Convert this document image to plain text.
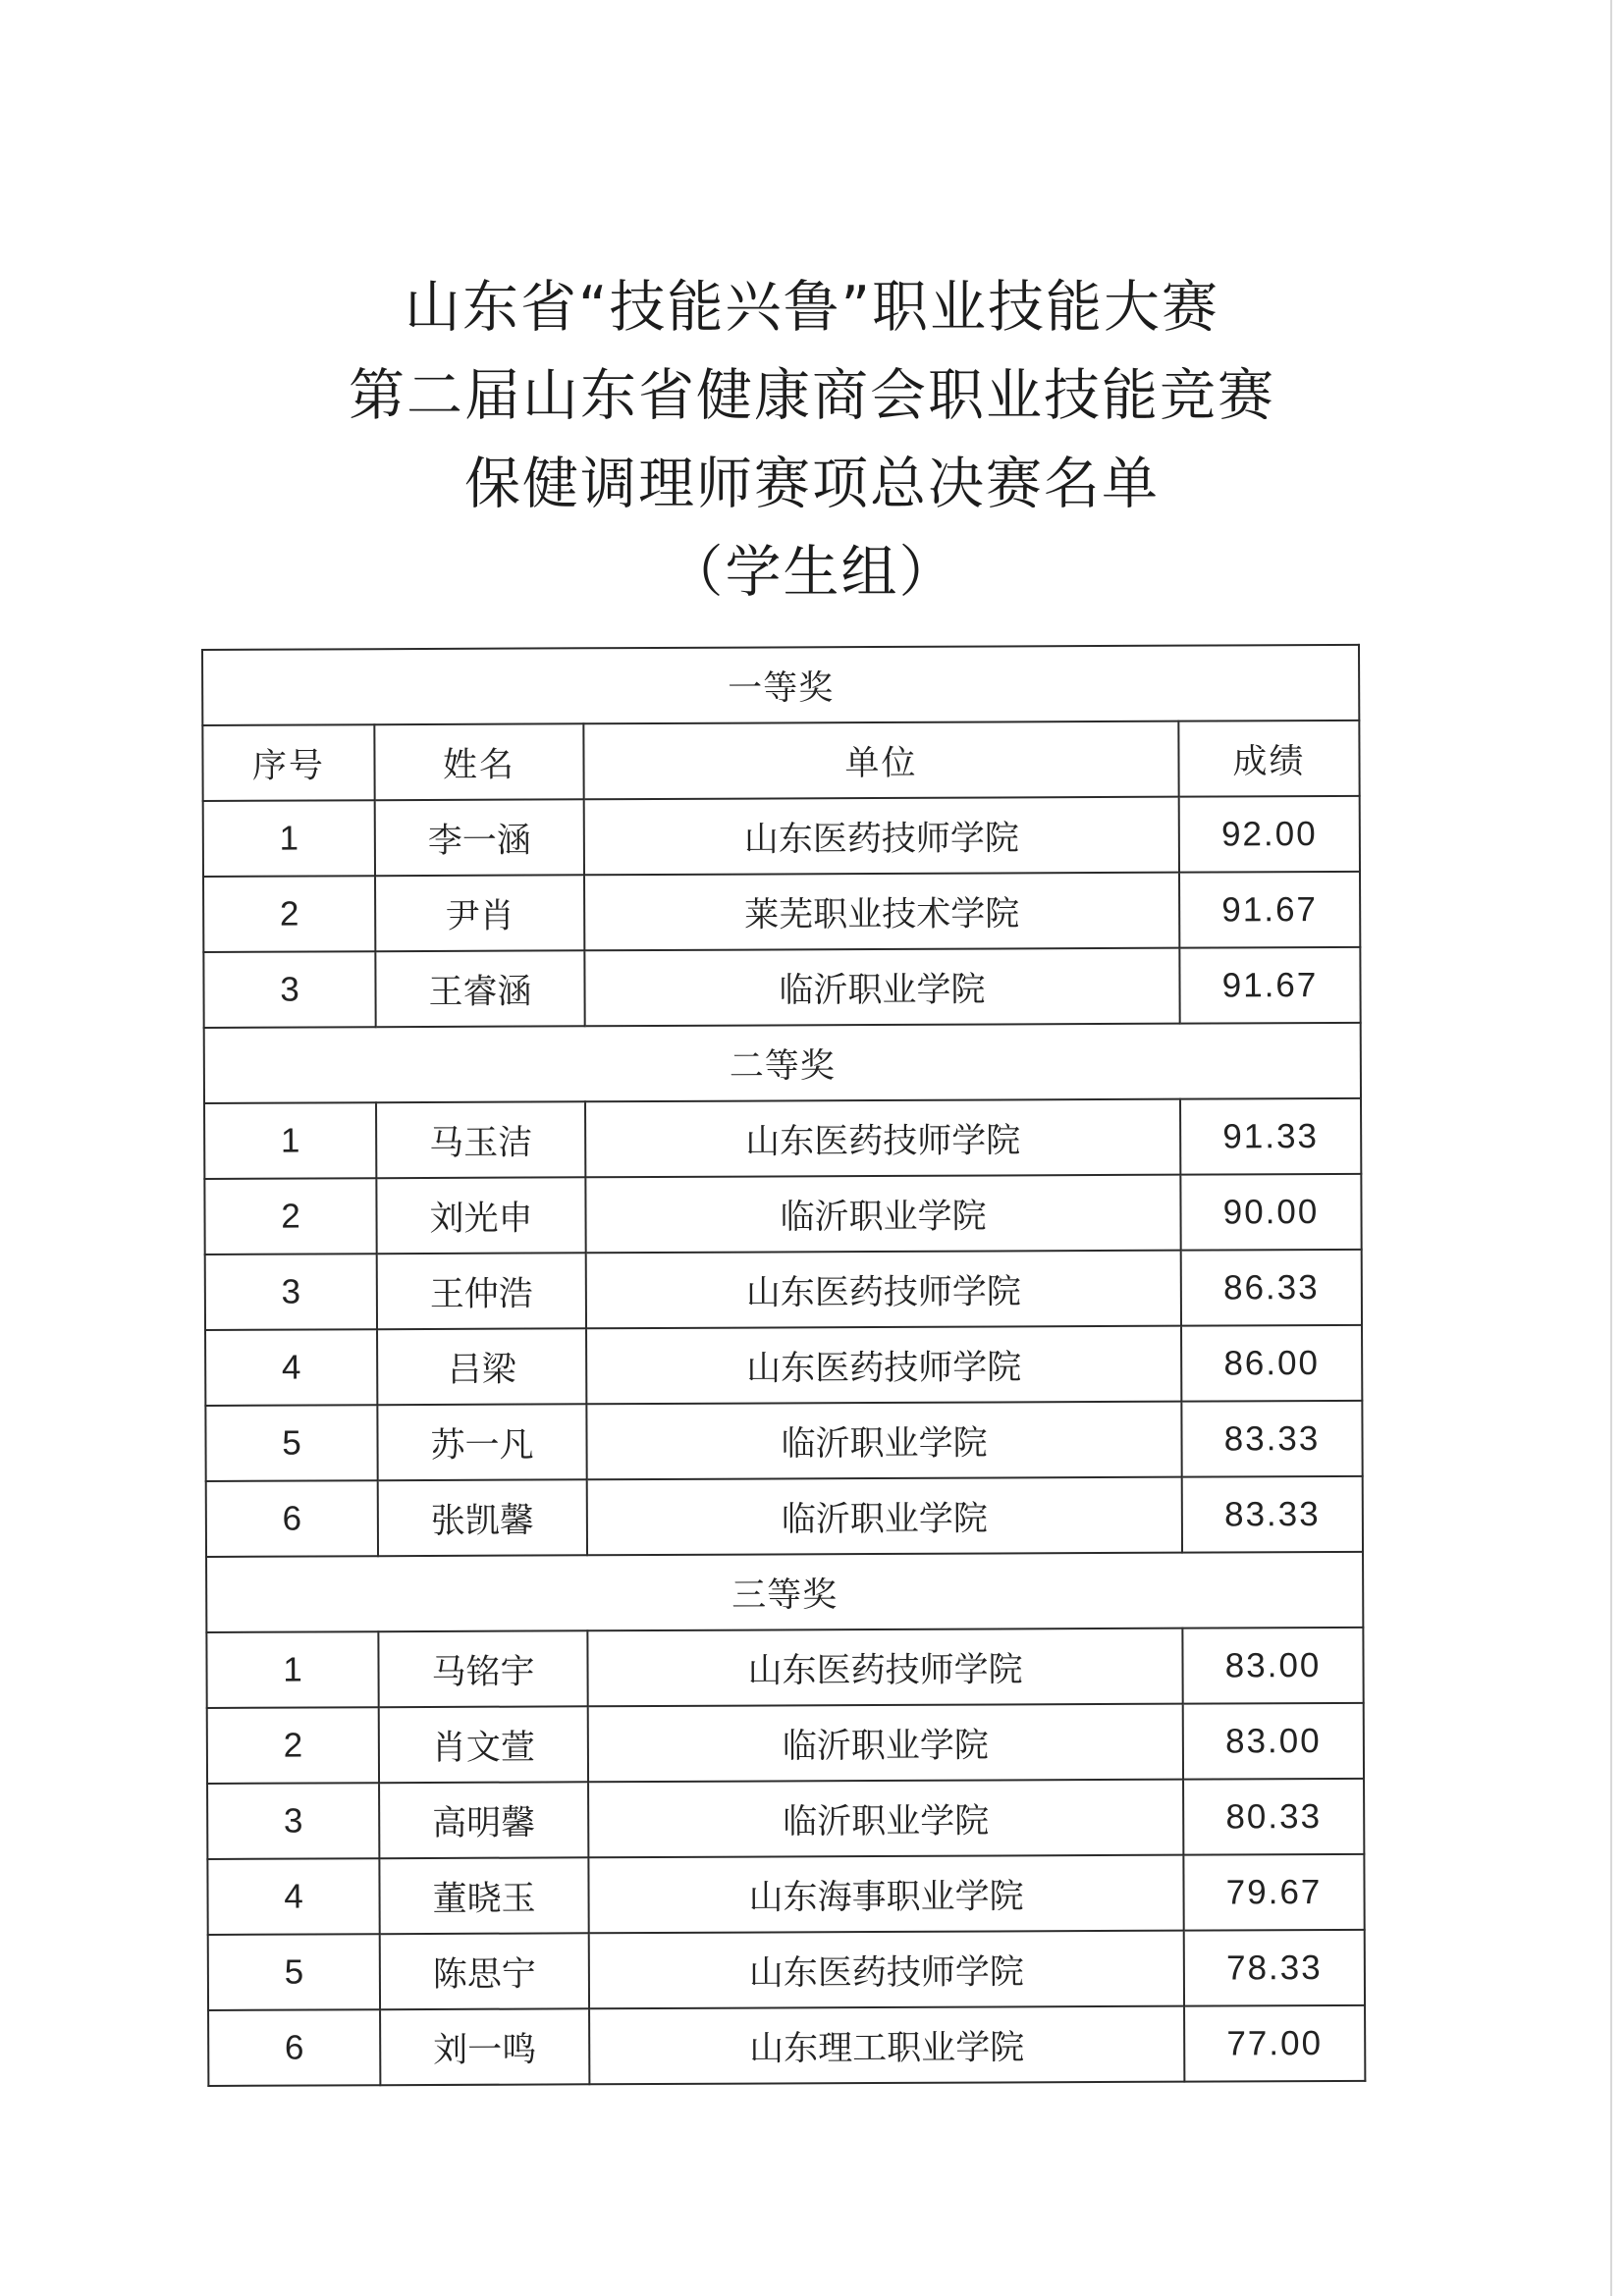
山东省“技能兴鲁”职业技能大赛
第二届山东省健康商会职业技能竞赛
保健调理师赛项总决赛名单
（学生组）
一等奖			
序号	姓名	单位	成绩
1	李一涵	山东医药技师学院	92.00
2	尹肖	莱芜职业技术学院	91.67
3	王睿涵	临沂职业学院	91.67
二等奖			
1	马玉洁	山东医药技师学院	91.33
2	刘光申	临沂职业学院	90.00
3	王仲浩	山东医药技师学院	86.33
4	吕梁	山东医药技师学院	86.00
5	苏一凡	临沂职业学院	83.33
6	张凯馨	临沂职业学院	83.33
三等奖			
1	马铭宇	山东医药技师学院	83.00
2	肖文萱	临沂职业学院	83.00
3	高明馨	临沂职业学院	80.33
4	董晓玉	山东海事职业学院	79.67
5	陈思宁	山东医药技师学院	78.33
6	刘一鸣	山东理工职业学院	77.00
